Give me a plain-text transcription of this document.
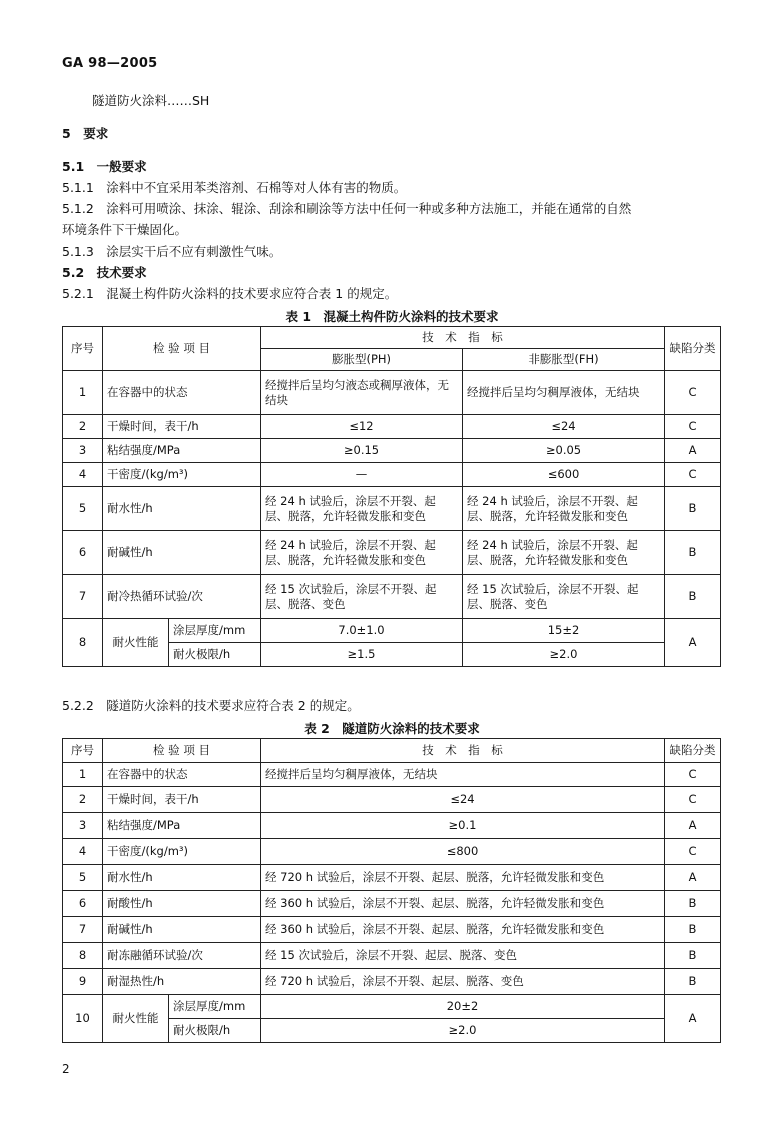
GA 98—2005
隧道防火涂料……SH
5　要求
5.1　一般要求
5.1.1　涂料中不宜采用苯类溶剂、石棉等对人体有害的物质。
5.1.2　涂料可用喷涂、抹涂、辊涂、刮涂和刷涂等方法中任何一种或多种方法施工，并能在通常的自然
环境条件下干燥固化。
5.1.3　涂层实干后不应有刺激性气味。
5.2　技术要求
5.2.1　混凝土构件防火涂料的技术要求应符合表 1 的规定。
表 1　混凝土构件防火涂料的技术要求
序号	检 验 项 目		技　术　指　标		缺陷分类
			膨胀型(PH)	非膨胀型(FH)	
1	在容器中的状态		经搅拌后呈均匀液态或稠厚液体，无结块	经搅拌后呈均匀稠厚液体，无结块	C
2	干燥时间，表干/h		≤12	≤24	C
3	粘结强度/MPa		≥0.15	≥0.05	A
4	干密度/(kg/m³)		—	≤600	C
5	耐水性/h		经 24 h 试验后，涂层不开裂、起层、脱落，允许轻微发胀和变色	经 24 h 试验后，涂层不开裂、起层、脱落，允许轻微发胀和变色	B
6	耐碱性/h		经 24 h 试验后，涂层不开裂、起层、脱落，允许轻微发胀和变色	经 24 h 试验后，涂层不开裂、起层、脱落，允许轻微发胀和变色	B
7	耐冷热循环试验/次		经 15 次试验后，涂层不开裂、起层、脱落、变色	经 15 次试验后，涂层不开裂、起层、脱落、变色	B
8	耐火性能	涂层厚度/mm	7.0±1.0	15±2	A
		耐火极限/h	≥1.5	≥2.0	
5.2.2　隧道防火涂料的技术要求应符合表 2 的规定。
表 2　隧道防火涂料的技术要求
序号	检 验 项 目		技　术　指　标	缺陷分类
1	在容器中的状态		经搅拌后呈均匀稠厚液体，无结块	C
2	干燥时间，表干/h		≤24	C
3	粘结强度/MPa		≥0.1	A
4	干密度/(kg/m³)		≤800	C
5	耐水性/h		经 720 h 试验后，涂层不开裂、起层、脱落，允许轻微发胀和变色	A
6	耐酸性/h		经 360 h 试验后，涂层不开裂、起层、脱落，允许轻微发胀和变色	B
7	耐碱性/h		经 360 h 试验后，涂层不开裂、起层、脱落，允许轻微发胀和变色	B
8	耐冻融循环试验/次		经 15 次试验后，涂层不开裂、起层、脱落、变色	B
9	耐湿热性/h		经 720 h 试验后，涂层不开裂、起层、脱落、变色	B
10	耐火性能	涂层厚度/mm	20±2	A
		耐火极限/h	≥2.0	
2
